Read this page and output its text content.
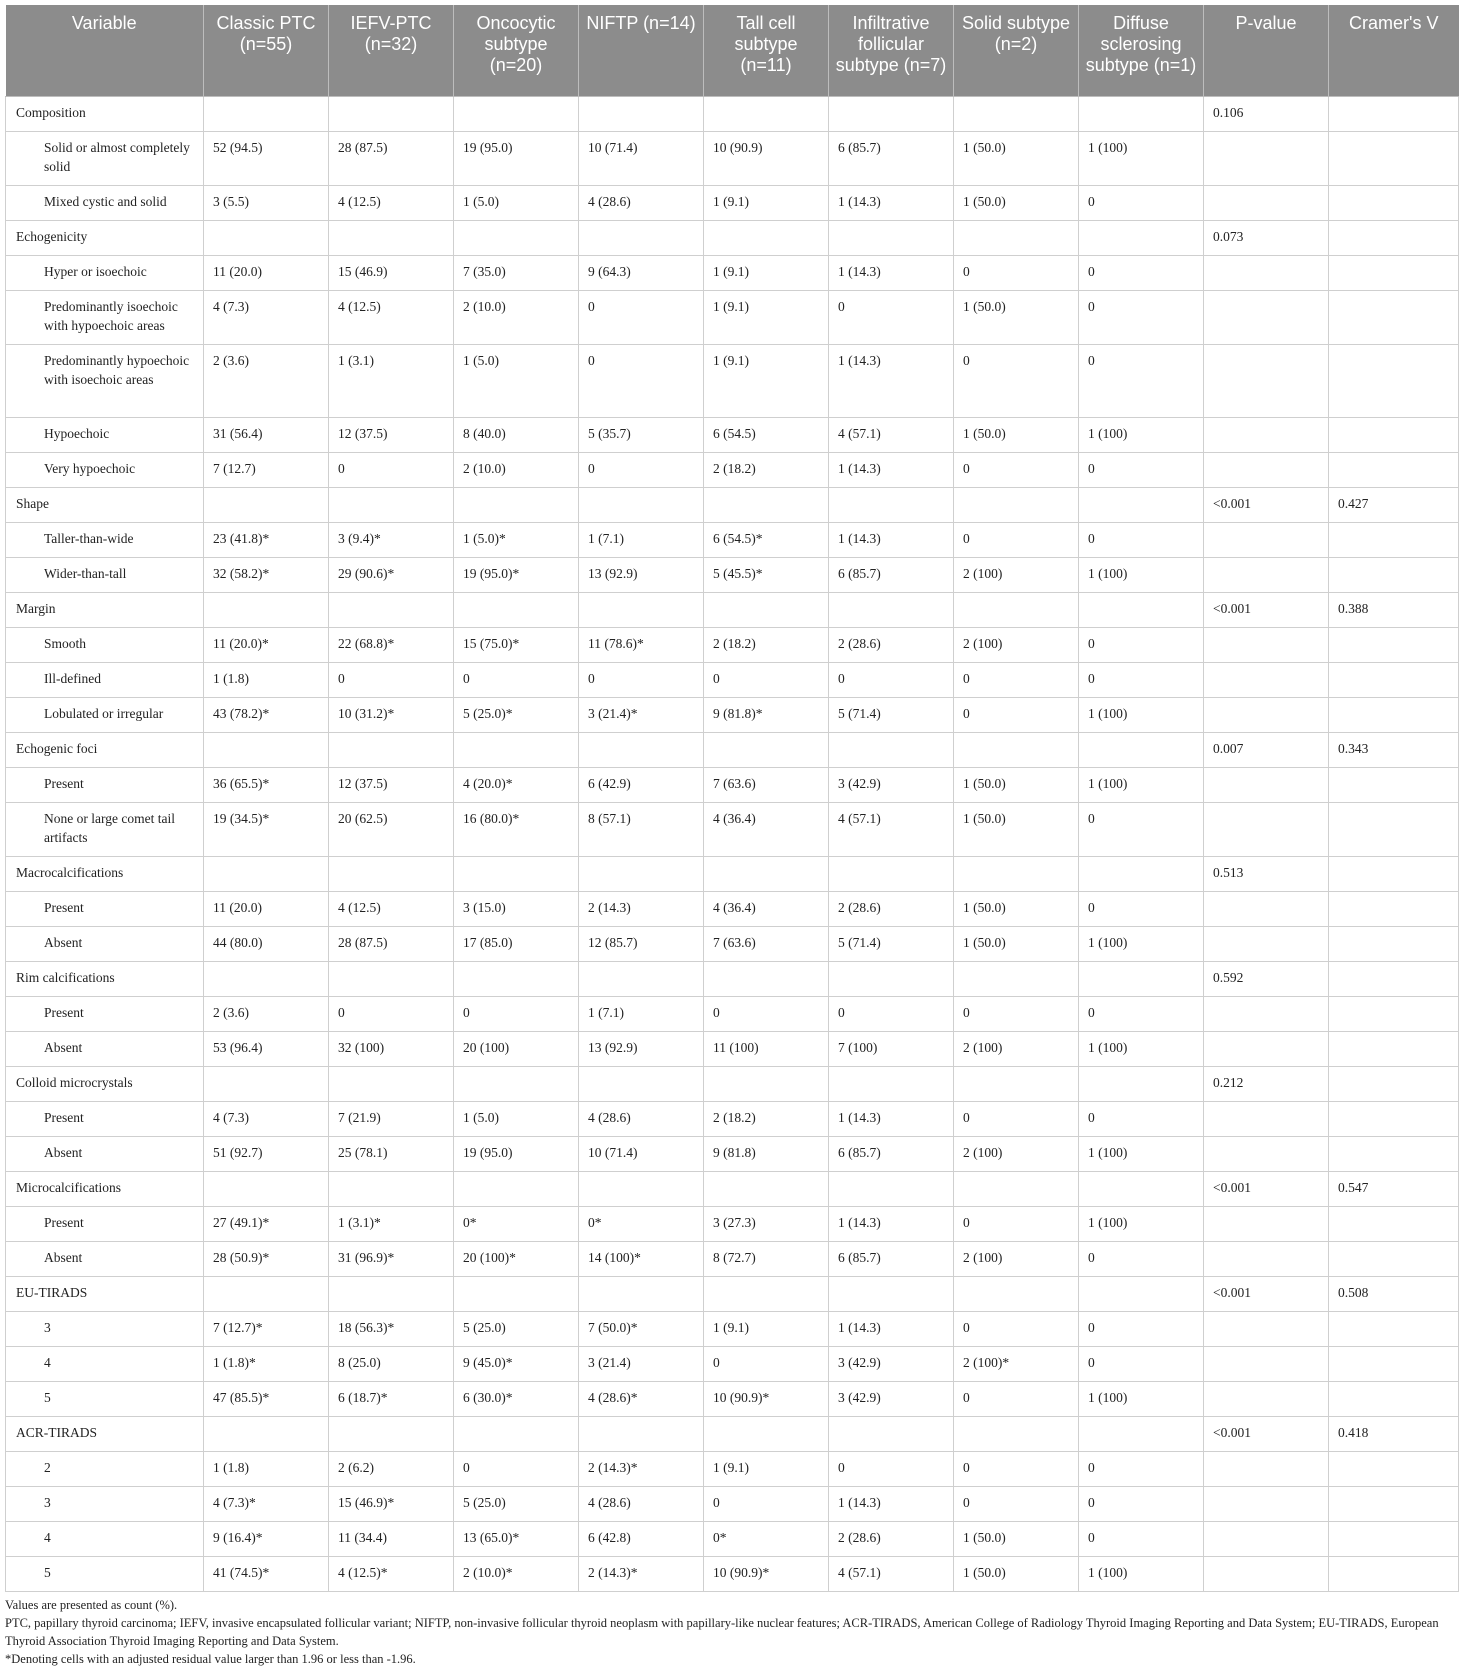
Variable	Classic PTC (n=55)	IEFV-PTC (n=32)	Oncocytic subtype (n=20)	NIFTP (n=14)	Tall cell subtype (n=11)	Infiltrative follicular subtype (n=7)	Solid subtype (n=2)	Diffuse sclerosing subtype (n=1)	P-value	Cramer's V
Composition									0.106	
Solid or almost completely solid	52 (94.5)	28 (87.5)	19 (95.0)	10 (71.4)	10 (90.9)	6 (85.7)	1 (50.0)	1 (100)		
Mixed cystic and solid	3 (5.5)	4 (12.5)	1 (5.0)	4 (28.6)	1 (9.1)	1 (14.3)	1 (50.0)	0		
Echogenicity									0.073	
Hyper or isoechoic	11 (20.0)	15 (46.9)	7 (35.0)	9 (64.3)	1 (9.1)	1 (14.3)	0	0		
Predominantly isoechoic with hypoechoic areas	4 (7.3)	4 (12.5)	2 (10.0)	0	1 (9.1)	0	1 (50.0)	0		
Predominantly hypoechoic with isoechoic areas	2 (3.6)	1 (3.1)	1 (5.0)	0	1 (9.1)	1 (14.3)	0	0		
Hypoechoic	31 (56.4)	12 (37.5)	8 (40.0)	5 (35.7)	6 (54.5)	4 (57.1)	1 (50.0)	1 (100)		
Very hypoechoic	7 (12.7)	0	2 (10.0)	0	2 (18.2)	1 (14.3)	0	0		
Shape									<0.001	0.427
Taller-than-wide	23 (41.8)*	3 (9.4)*	1 (5.0)*	1 (7.1)	6 (54.5)*	1 (14.3)	0	0		
Wider-than-tall	32 (58.2)*	29 (90.6)*	19 (95.0)*	13 (92.9)	5 (45.5)*	6 (85.7)	2 (100)	1 (100)		
Margin									<0.001	0.388
Smooth	11 (20.0)*	22 (68.8)*	15 (75.0)*	11 (78.6)*	2 (18.2)	2 (28.6)	2 (100)	0		
Ill-defined	1 (1.8)	0	0	0	0	0	0	0		
Lobulated or irregular	43 (78.2)*	10 (31.2)*	5 (25.0)*	3 (21.4)*	9 (81.8)*	5 (71.4)	0	1 (100)		
Echogenic foci									0.007	0.343
Present	36 (65.5)*	12 (37.5)	4 (20.0)*	6 (42.9)	7 (63.6)	3 (42.9)	1 (50.0)	1 (100)		
None or large comet tail artifacts	19 (34.5)*	20 (62.5)	16 (80.0)*	8 (57.1)	4 (36.4)	4 (57.1)	1 (50.0)	0		
Macrocalcifications									0.513	
Present	11 (20.0)	4 (12.5)	3 (15.0)	2 (14.3)	4 (36.4)	2 (28.6)	1 (50.0)	0		
Absent	44 (80.0)	28 (87.5)	17 (85.0)	12 (85.7)	7 (63.6)	5 (71.4)	1 (50.0)	1 (100)		
Rim calcifications									0.592	
Present	2 (3.6)	0	0	1 (7.1)	0	0	0	0		
Absent	53 (96.4)	32 (100)	20 (100)	13 (92.9)	11 (100)	7 (100)	2 (100)	1 (100)		
Colloid microcrystals									0.212	
Present	4 (7.3)	7 (21.9)	1 (5.0)	4 (28.6)	2 (18.2)	1 (14.3)	0	0		
Absent	51 (92.7)	25 (78.1)	19 (95.0)	10 (71.4)	9 (81.8)	6 (85.7)	2 (100)	1 (100)		
Microcalcifications									<0.001	0.547
Present	27 (49.1)*	1 (3.1)*	0*	0*	3 (27.3)	1 (14.3)	0	1 (100)		
Absent	28 (50.9)*	31 (96.9)*	20 (100)*	14 (100)*	8 (72.7)	6 (85.7)	2 (100)	0		
EU-TIRADS									<0.001	0.508
3	7 (12.7)*	18 (56.3)*	5 (25.0)	7 (50.0)*	1 (9.1)	1 (14.3)	0	0		
4	1 (1.8)*	8 (25.0)	9 (45.0)*	3 (21.4)	0	3 (42.9)	2 (100)*	0		
5	47 (85.5)*	6 (18.7)*	6 (30.0)*	4 (28.6)*	10 (90.9)*	3 (42.9)	0	1 (100)		
ACR-TIRADS									<0.001	0.418
2	1 (1.8)	2 (6.2)	0	2 (14.3)*	1 (9.1)	0	0	0		
3	4 (7.3)*	15 (46.9)*	5 (25.0)	4 (28.6)	0	1 (14.3)	0	0		
4	9 (16.4)*	11 (34.4)	13 (65.0)*	6 (42.8)	0*	2 (28.6)	1 (50.0)	0		
5	41 (74.5)*	4 (12.5)*	2 (10.0)*	2 (14.3)*	10 (90.9)*	4 (57.1)	1 (50.0)	1 (100)		

Values are presented as count (%).

PTC, papillary thyroid carcinoma; IEFV, invasive encapsulated follicular variant; NIFTP, non-invasive follicular thyroid neoplasm with papillary-like nuclear features; ACR-TIRADS, American College of Radiology Thyroid Imaging Reporting and Data System; EU-TIRADS, European Thyroid Association Thyroid Imaging Reporting and Data System.

*Denoting cells with an adjusted residual value larger than 1.96 or less than -1.96.
